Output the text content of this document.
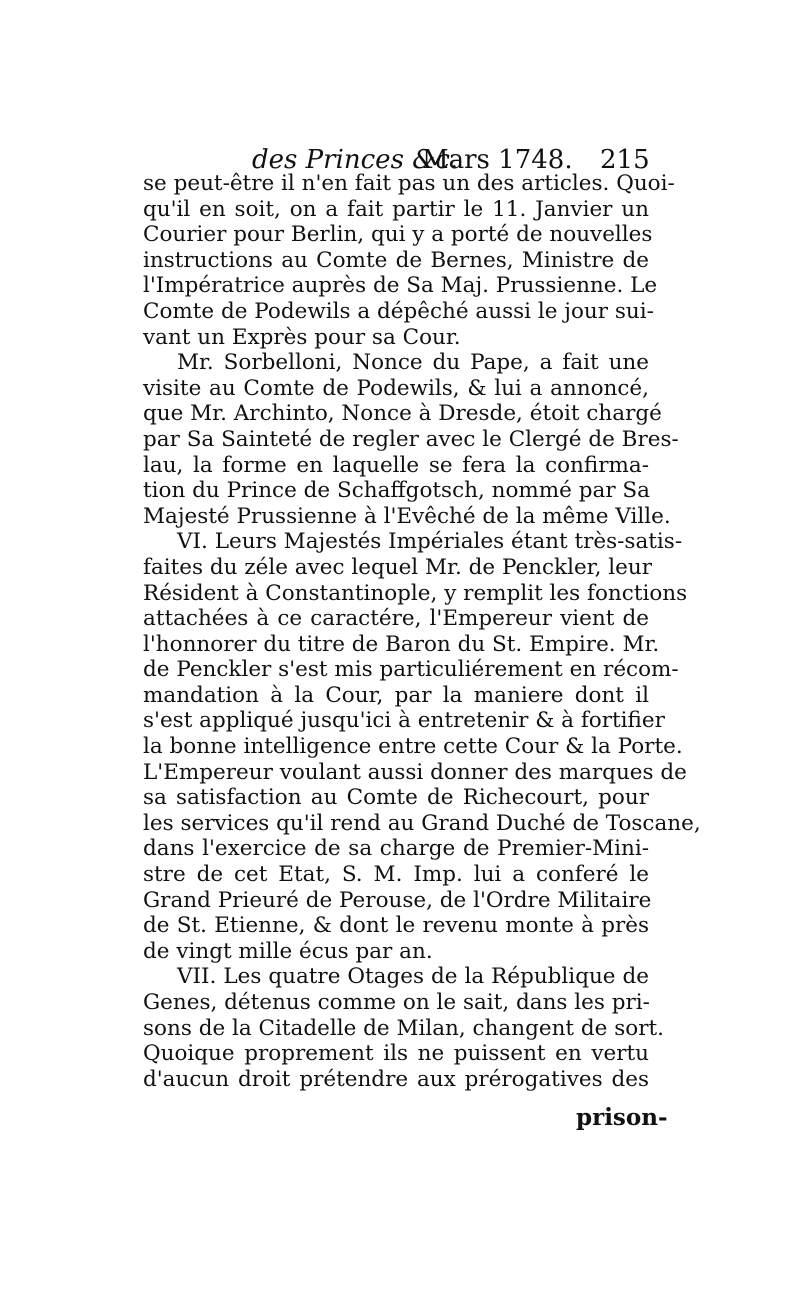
des Princes &c.
Mars 1748. 215
se peut-être il n'en fait pas un des articles. Quoi-
qu'il en soit, on a fait partir le 11. Janvier un
Courier pour Berlin, qui y a porté de nouvelles
instructions au Comte de Bernes, Ministre de
l'Impératrice auprès de Sa Maj. Prussienne. Le
Comte de Podewils a dépêché aussi le jour sui-
vant un Exprès pour sa Cour.
Mr. Sorbelloni, Nonce du Pape, a fait une
visite au Comte de Podewils, & lui a annoncé,
que Mr. Archinto, Nonce à Dresde, étoit chargé
par Sa Sainteté de regler avec le Clergé de Bres-
lau, la forme en laquelle se fera la confirma-
tion du Prince de Schaffgotsch, nommé par Sa
Majesté Prussienne à l'Evêché de la même Ville.
VI. Leurs Majestés Impériales étant très-satis-
faites du zéle avec lequel Mr. de Penckler, leur
Résident à Constantinople, y remplit les fonctions
attachées à ce caractére, l'Empereur vient de
l'honnorer du titre de Baron du St. Empire. Mr.
de Penckler s'est mis particuliérement en récom-
mandation à la Cour, par la maniere dont il
s'est appliqué jusqu'ici à entretenir & à fortifier
la bonne intelligence entre cette Cour & la Porte.
L'Empereur voulant aussi donner des marques de
sa satisfaction au Comte de Richecourt, pour
les services qu'il rend au Grand Duché de Toscane,
dans l'exercice de sa charge de Premier-Mini-
stre de cet Etat, S. M. Imp. lui a conferé le
Grand Prieuré de Perouse, de l'Ordre Militaire
de St. Etienne, & dont le revenu monte à près
de vingt mille écus par an.
VII. Les quatre Otages de la République de
Genes, détenus comme on le sait, dans les pri-
sons de la Citadelle de Milan, changent de sort.
Quoique proprement ils ne puissent en vertu
d'aucun droit prétendre aux prérogatives des
prison-
